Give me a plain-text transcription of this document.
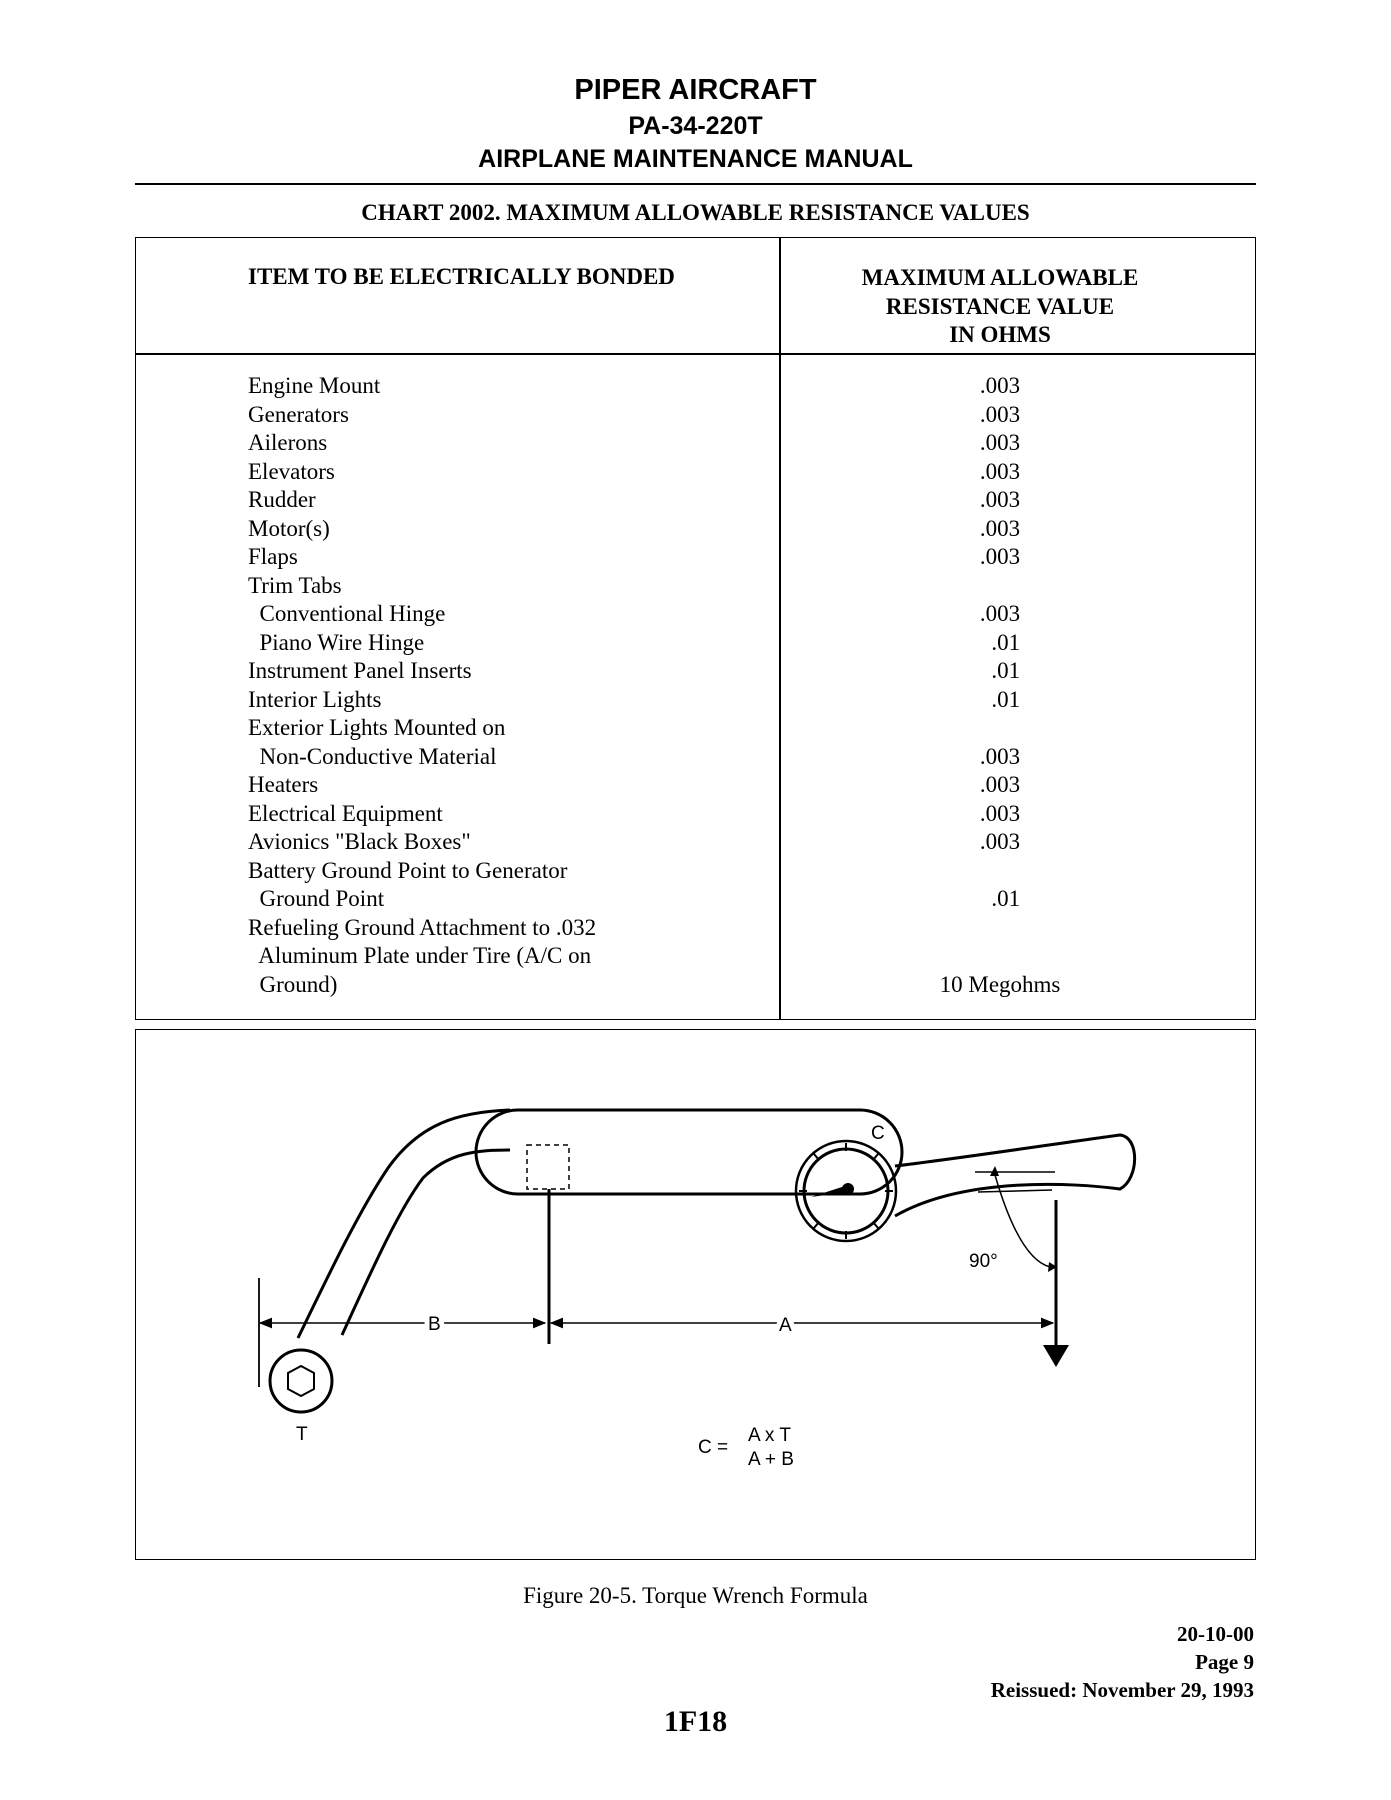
PIPER AIRCRAFT
PA-34-220T
AIRPLANE MAINTENANCE MANUAL
CHART 2002. MAXIMUM ALLOWABLE RESISTANCE VALUES
ITEM TO BE ELECTRICALLY BONDED	MAXIMUM ALLOWABLE
RESISTANCE VALUE
IN OHMS
Engine Mount	.003
Generators	.003
Ailerons	.003
Elevators	.003
Rudder	.003
Motor(s)	.003
Flaps	.003
Trim Tabs
Conventional Hinge	.003
Piano Wire Hinge	.01
Instrument Panel Inserts	.01
Interior Lights	.01
Exterior Lights Mounted on
Non-Conductive Material	.003
Heaters	.003
Electrical Equipment	.003
Avionics "Black Boxes"	.003
Battery Ground Point to Generator
Ground Point	.01
Refueling Ground Attachment to .032
Aluminum Plate under Tire (A/C on
Ground)	10 Megohms
C
90°
B	A
T
C =
A x T
A + B
Figure 20-5. Torque Wrench Formula
20-10-00
Page 9
Reissued: November 29, 1993
1F18
